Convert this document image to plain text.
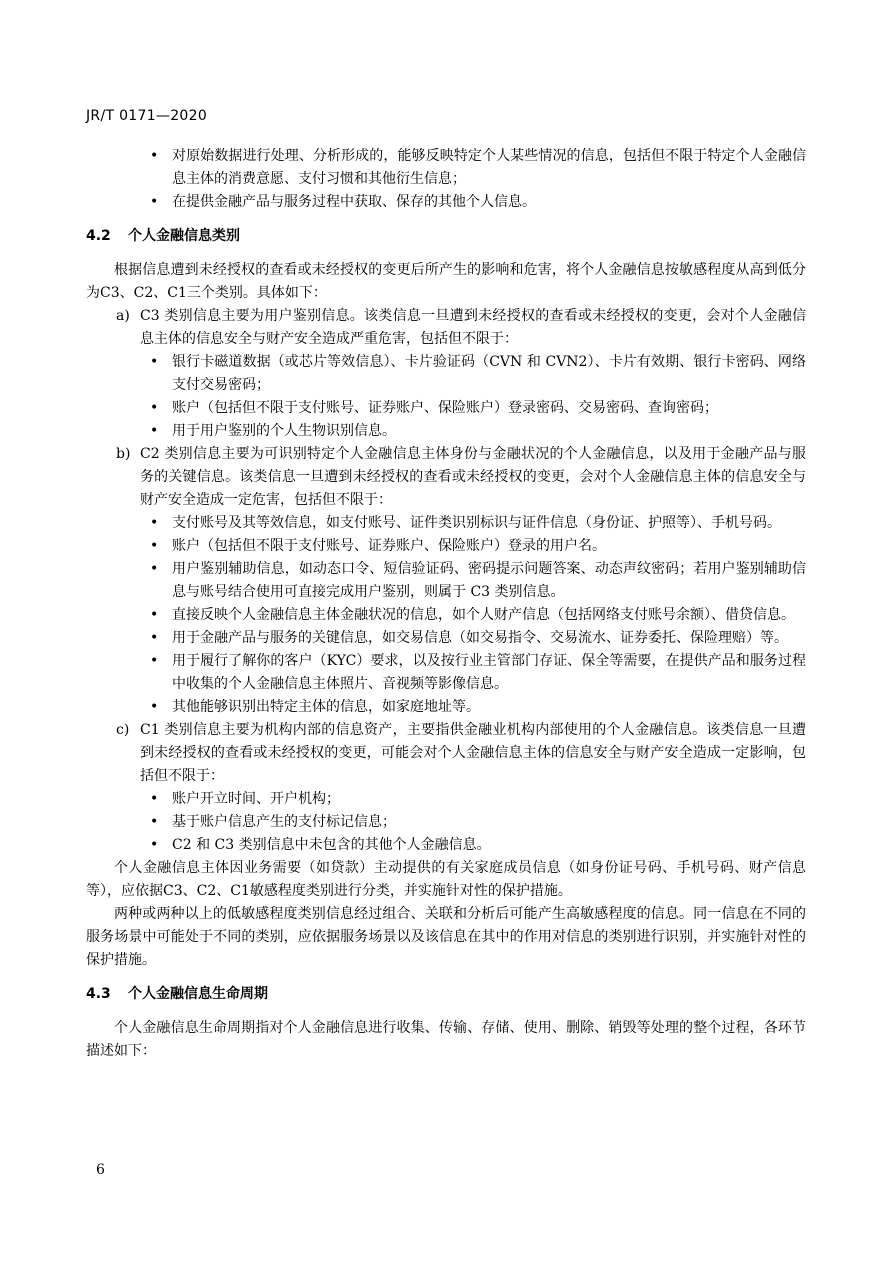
JR/T 0171—2020
• 对原始数据进行处理、分析形成的，能够反映特定个人某些情况的信息，包括但不限于特定个人金融信息主体的消费意愿、支付习惯和其他衍生信息；
• 在提供金融产品与服务过程中获取、保存的其他个人信息。
4.2 个人金融信息类别
根据信息遭到未经授权的查看或未经授权的变更后所产生的影响和危害，将个人金融信息按敏感程度从高到低分为C3、C2、C1三个类别。具体如下：
a) C3 类别信息主要为用户鉴别信息。该类信息一旦遭到未经授权的查看或未经授权的变更，会对个人金融信息主体的信息安全与财产安全造成严重危害，包括但不限于：
• 银行卡磁道数据（或芯片等效信息）、卡片验证码（CVN 和 CVN2）、卡片有效期、银行卡密码、网络支付交易密码；
• 账户（包括但不限于支付账号、证券账户、保险账户）登录密码、交易密码、查询密码；
• 用于用户鉴别的个人生物识别信息。
b) C2 类别信息主要为可识别特定个人金融信息主体身份与金融状况的个人金融信息，以及用于金融产品与服务的关键信息。该类信息一旦遭到未经授权的查看或未经授权的变更，会对个人金融信息主体的信息安全与财产安全造成一定危害，包括但不限于：
• 支付账号及其等效信息，如支付账号、证件类识别标识与证件信息（身份证、护照等）、手机号码。
• 账户（包括但不限于支付账号、证券账户、保险账户）登录的用户名。
• 用户鉴别辅助信息，如动态口令、短信验证码、密码提示问题答案、动态声纹密码；若用户鉴别辅助信息与账号结合使用可直接完成用户鉴别，则属于 C3 类别信息。
• 直接反映个人金融信息主体金融状况的信息，如个人财产信息（包括网络支付账号余额）、借贷信息。
• 用于金融产品与服务的关键信息，如交易信息（如交易指令、交易流水、证券委托、保险理赔）等。
• 用于履行了解你的客户（KYC）要求，以及按行业主管部门存证、保全等需要，在提供产品和服务过程中收集的个人金融信息主体照片、音视频等影像信息。
• 其他能够识别出特定主体的信息，如家庭地址等。
c) C1 类别信息主要为机构内部的信息资产，主要指供金融业机构内部使用的个人金融信息。该类信息一旦遭到未经授权的查看或未经授权的变更，可能会对个人金融信息主体的信息安全与财产安全造成一定影响，包括但不限于：
• 账户开立时间、开户机构；
• 基于账户信息产生的支付标记信息；
• C2 和 C3 类别信息中未包含的其他个人金融信息。
个人金融信息主体因业务需要（如贷款）主动提供的有关家庭成员信息（如身份证号码、手机号码、财产信息等），应依据C3、C2、C1敏感程度类别进行分类，并实施针对性的保护措施。
两种或两种以上的低敏感程度类别信息经过组合、关联和分析后可能产生高敏感程度的信息。同一信息在不同的服务场景中可能处于不同的类别，应依据服务场景以及该信息在其中的作用对信息的类别进行识别，并实施针对性的保护措施。
4.3 个人金融信息生命周期
个人金融信息生命周期指对个人金融信息进行收集、传输、存储、使用、删除、销毁等处理的整个过程，各环节描述如下：
6
